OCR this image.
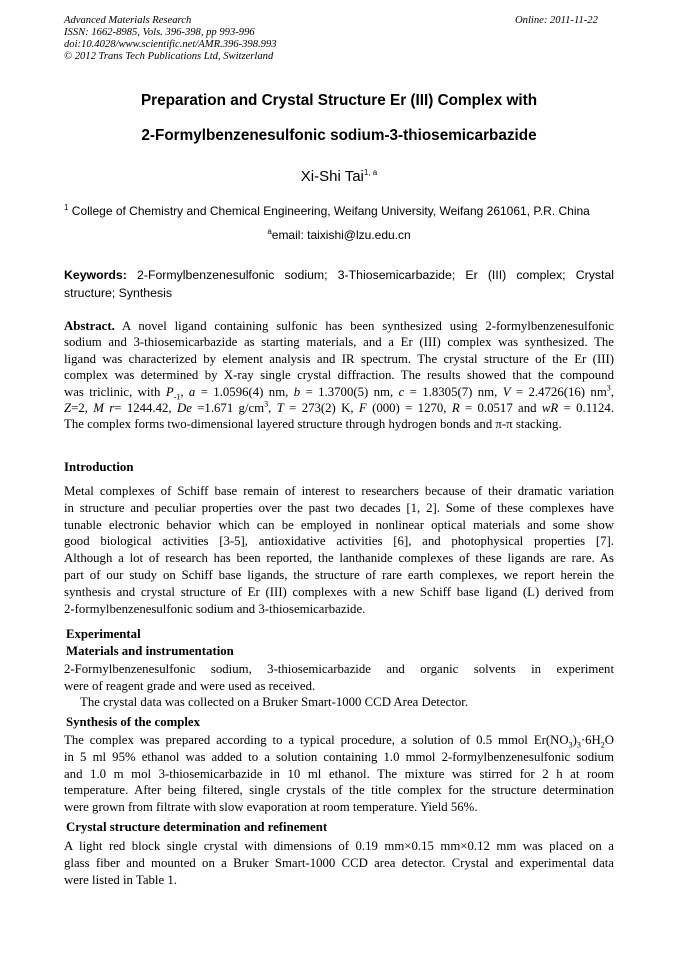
Advanced Materials Research	Online: 2011-11-22
ISSN: 1662-8985, Vols. 396-398, pp 993-996
doi:10.4028/www.scientific.net/AMR.396-398.993
© 2012 Trans Tech Publications Ltd, Switzerland
Preparation and Crystal Structure Er (III) Complex with
2-Formylbenzenesulfonic sodium-3-thiosemicarbazide
Xi-Shi Tai$^{1, a}$
$^1$ College of Chemistry and Chemical Engineering, Weifang University, Weifang 261061, P.R. China
$^a$email: taixishi@lzu.edu.cn
Keywords: 2-Formylbenzenesulfonic sodium; 3-Thiosemicarbazide; Er (III) complex; Crystal
structure; Synthesis
Abstract. A novel ligand containing sulfonic has been synthesized using 2-formylbenzenesulfonic
sodium and 3-thiosemicarbazide as starting materials, and a Er (III) complex was synthesized. The
ligand was characterized by element analysis and IR spectrum. The crystal structure of the Er (III)
complex was determined by X-ray single crystal diffraction. The results showed that the compound
was triclinic, with $P_{-1}$, a = 1.0596(4) nm, b = 1.3700(5) nm, c = 1.8305(7) nm, V = 2.4726(16) $nm^3$,
Z=2, M r= 1244.42, De =1.671 $g/cm^3$, T = 273(2) K, F (000) = 1270, R = 0.0517 and wR = 0.1124.
The complex forms two-dimensional layered structure through hydrogen bonds and π-π stacking.
Introduction
Metal complexes of Schiff base remain of interest to researchers because of their dramatic variation
in structure and peculiar properties over the past two decades [1, 2]. Some of these complexes have
tunable electronic behavior which can be employed in nonlinear optical materials and some show
good biological activities [3-5], antioxidative activities [6], and photophysical properties [7].
Although a lot of research has been reported, the lanthanide complexes of these ligands are rare. As
part of our study on Schiff base ligands, the structure of rare earth complexes, we report herein the
synthesis and crystal structure of Er (III) complexes with a new Schiff base ligand (L) derived from
2-formylbenzenesulfonic sodium and 3-thiosemicarbazide.
Experimental
Materials and instrumentation
2-Formylbenzenesulfonic sodium, 3-thiosemicarbazide and organic solvents in experiment
were of reagent grade and were used as received.
The crystal data was collected on a Bruker Smart-1000 CCD Area Detector.
Synthesis of the complex
The complex was prepared according to a typical procedure, a solution of 0.5 mmol $Er(NO_3)_3\cdot 6H_2O$
in 5 ml 95% ethanol was added to a solution containing 1.0 mmol 2-formylbenzenesulfonic sodium
and 1.0 m mol 3-thiosemicarbazide in 10 ml ethanol. The mixture was stirred for 2 h at room
temperature. After being filtered, single crystals of the title complex for the structure determination
were grown from filtrate with slow evaporation at room temperature. Yield 56%.
Crystal structure determination and refinement
A light red block single crystal with dimensions of 0.19 mm×0.15 mm×0.12 mm was placed on a
glass fiber and mounted on a Bruker Smart-1000 CCD area detector. Crystal and experimental data
were listed in Table 1.
